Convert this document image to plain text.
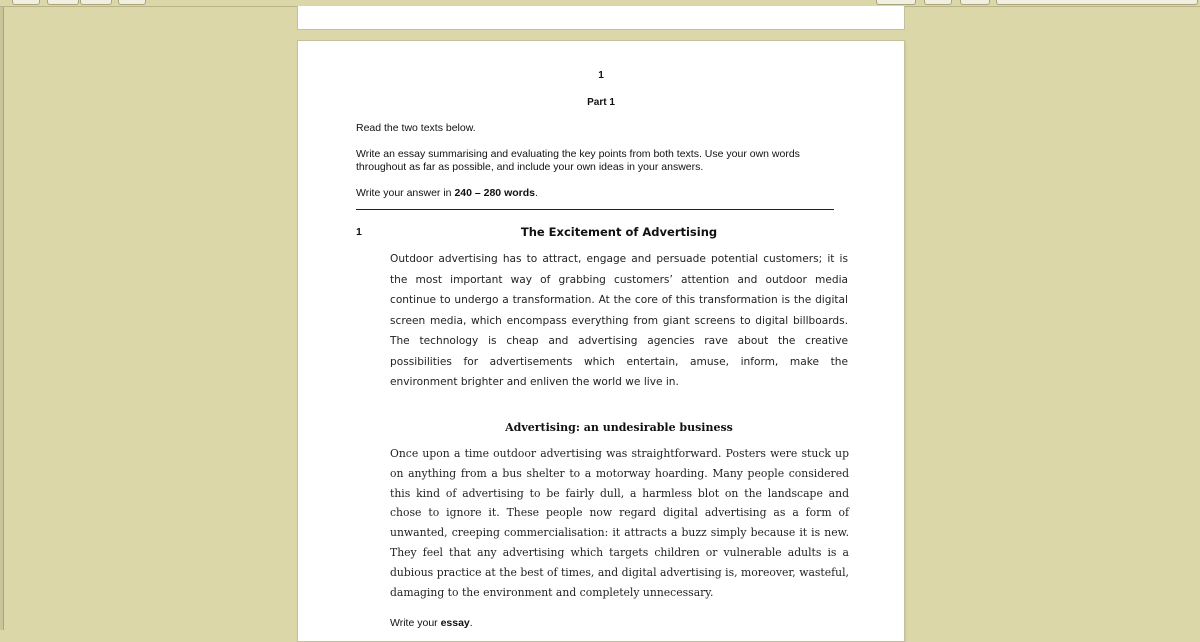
1
Part 1
Read the two texts below.
Write an essay summarising and evaluating the key points from both texts. Use your own words throughout as far as possible, and include your own ideas in your answers.
Write your answer in 240 – 280 words.
1	The Excitement of Advertising

Outdoor advertising has to attract, engage and persuade potential customers; it is the most important way of grabbing customers’ attention and outdoor media continue to undergo a transformation. At the core of this transformation is the digital screen media, which encompass everything from giant screens to digital billboards. The technology is cheap and advertising agencies rave about the creative possibilities for advertisements which entertain, amuse, inform, make the environment brighter and enliven the world we live in.

Advertising: an undesirable business

Once upon a time outdoor advertising was straightforward. Posters were stuck up on anything from a bus shelter to a motorway hoarding. Many people considered this kind of advertising to be fairly dull, a harmless blot on the landscape and chose to ignore it. These people now regard digital advertising as a form of unwanted, creeping commercialisation: it attracts a buzz simply because it is new. They feel that any advertising which targets children or vulnerable adults is a dubious practice at the best of times, and digital advertising is, moreover, wasteful, damaging to the environment and completely unnecessary.

Write your essay.
